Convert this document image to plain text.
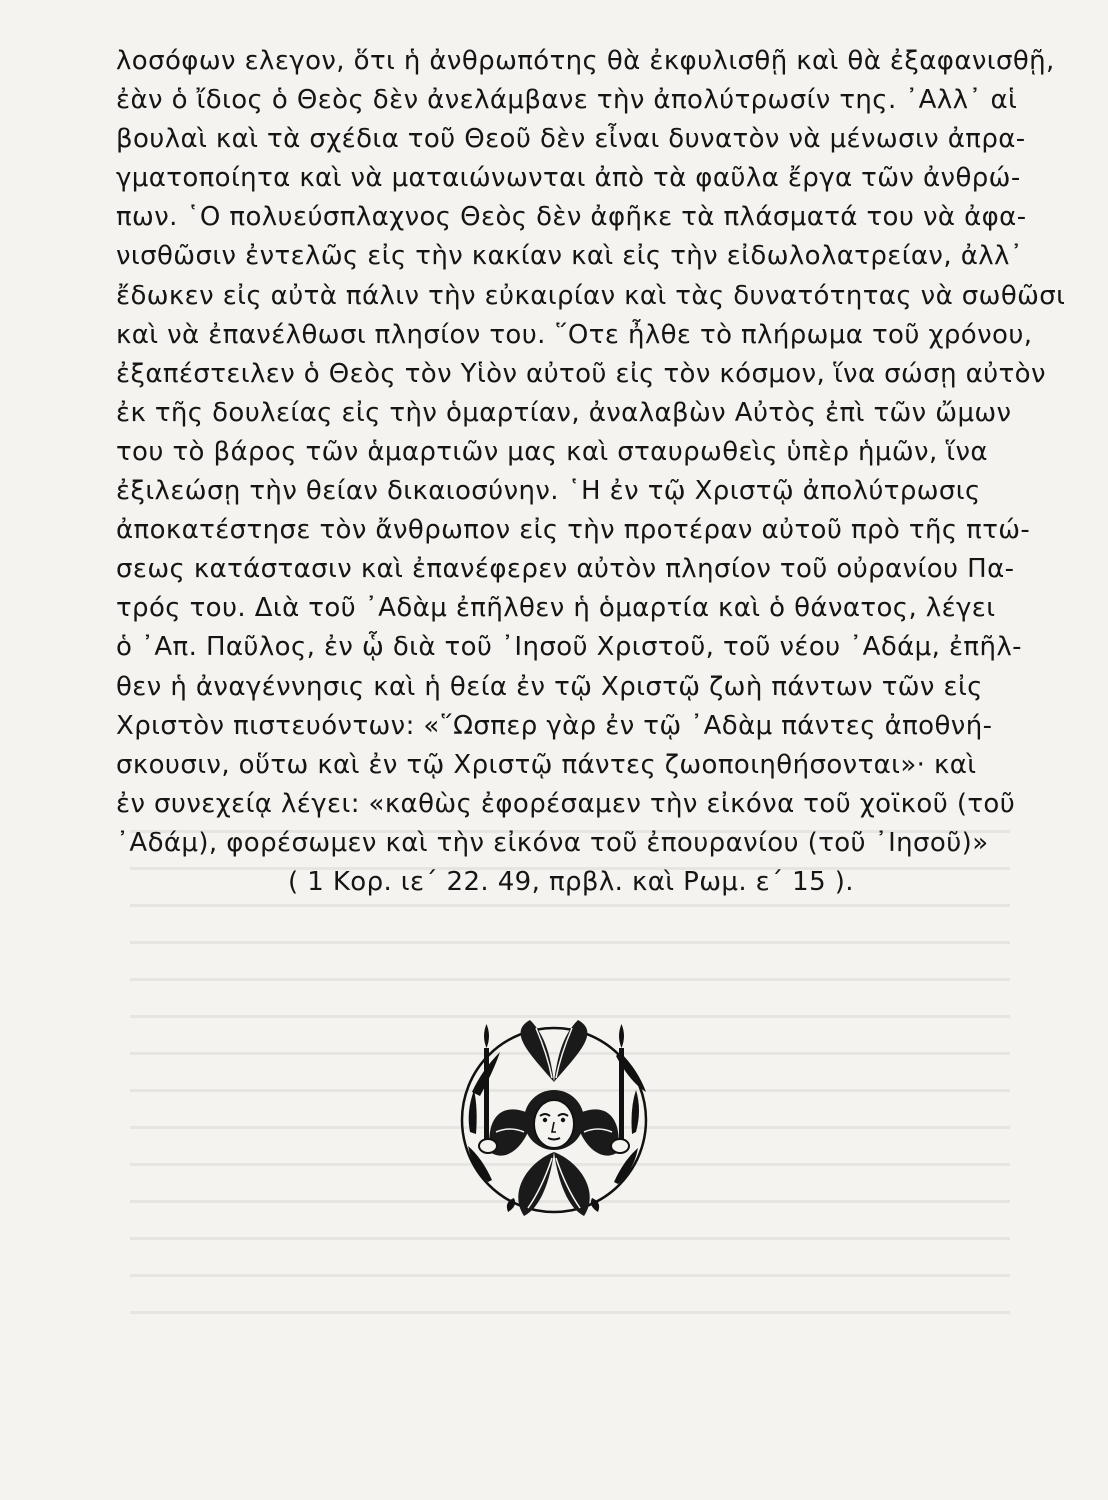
λοσόφων ελεγον, ὅτι ἡ ἀνθρωπότης θὰ ἐκφυλισθῇ καὶ θὰ ἐξαφανισθῇ,
ἐὰν ὁ ἴδιος ὁ Θεὸς δὲν ἀνελάμβανε τὴν ἀπολύτρωσίν της. ᾿Αλλ᾿ αἱ
βουλαὶ καὶ τὰ σχέδια τοῦ Θεοῦ δὲν εἶναι δυνατὸν νὰ μένωσιν ἀπρα-
γματοποίητα καὶ νὰ ματαιώνωνται ἀπὸ τὰ φαῦλα ἔργα τῶν ἀνθρώ-
πων. ῾Ο πολυεύσπλαχνος Θεὸς δὲν ἀφῆκε τὰ πλάσματά του νὰ ἀφα-
νισθῶσιν ἐντελῶς εἰς τὴν κακίαν καὶ εἰς τὴν εἰδωλολατρείαν, ἀλλ᾿
ἔδωκεν εἰς αὐτὰ πάλιν τὴν εὐκαιρίαν καὶ τὰς δυνατότητας νὰ σωθῶσι
καὶ νὰ ἐπανέλθωσι πλησίον του. ῞Οτε ἦλθε τὸ πλήρωμα τοῦ χρόνου,
ἐξαπέστειλεν ὁ Θεὸς τὸν Υἱὸν αὐτοῦ εἰς τὸν κόσμον, ἵνα σώσῃ αὐτὸν
ἐκ τῆς δουλείας εἰς τὴν ὁμαρτίαν, ἀναλαβὼν Αὐτὸς ἐπὶ τῶν ὤμων
του τὸ βάρος τῶν ἁμαρτιῶν μας καὶ σταυρωθεὶς ὑπὲρ ἡμῶν, ἵνα
ἐξιλεώσῃ τὴν θείαν δικαιοσύνην. ῾Η ἐν τῷ Χριστῷ ἀπολύτρωσις
ἀποκατέστησε τὸν ἄνθρωπον εἰς τὴν προτέραν αὐτοῦ πρὸ τῆς πτώ-
σεως κατάστασιν καὶ ἐπανέφερεν αὐτὸν πλησίον τοῦ οὐρανίου Πα-
τρός του. Διὰ τοῦ ᾿Αδὰμ ἐπῆλθεν ἡ ὁμαρτία καὶ ὁ θάνατος, λέγει
ὁ ᾿Απ. Παῦλος, ἐν ᾧ διὰ τοῦ ᾿Ιησοῦ Χριστοῦ, τοῦ νέου ᾿Αδάμ, ἐπῆλ-
θεν ἡ ἀναγέννησις καὶ ἡ θεία ἐν τῷ Χριστῷ ζωὴ πάντων τῶν εἰς
Χριστὸν πιστευόντων: «῞Ωσπερ γὰρ ἐν τῷ ᾿Αδὰμ πάντες ἀποθνή-
σκουσιν, οὕτω καὶ ἐν τῷ Χριστῷ πάντες ζωοποιηθήσονται»· καὶ
ἐν συνεχείᾳ λέγει: «καθὼς ἐφορέσαμεν τὴν εἰκόνα τοῦ χοϊκοῦ (τοῦ
᾿Αδάμ), φορέσωμεν καὶ τὴν εἰκόνα τοῦ ἐπουρανίου (τοῦ ᾿Ιησοῦ)»
( 1 Κορ. ιε΄ 22. 49, πρβλ. καὶ Ρωμ. ε΄ 15 ).
